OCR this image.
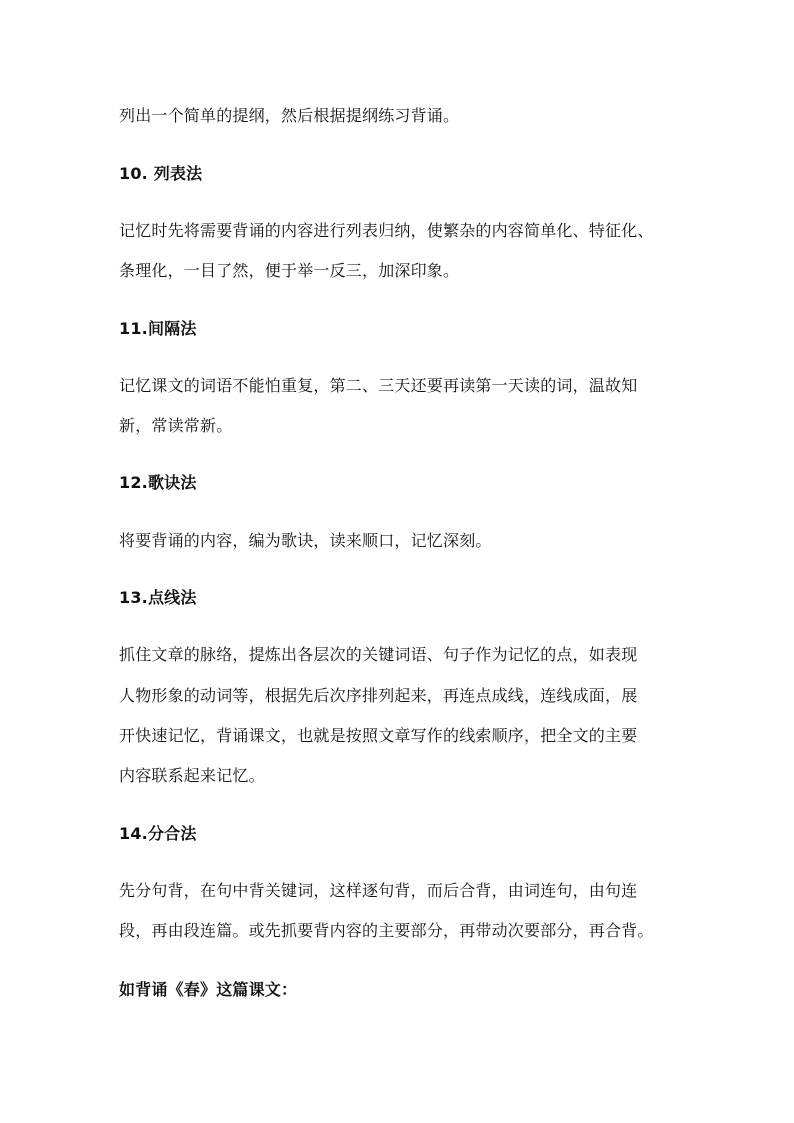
列出一个简单的提纲，然后根据提纲练习背诵。
10. 列表法
记忆时先将需要背诵的内容进行列表归纳，使繁杂的内容简单化、特征化、
条理化，一目了然，便于举一反三，加深印象。
11.间隔法
记忆课文的词语不能怕重复，第二、三天还要再读第一天读的词，温故知
新，常读常新。
12.歌诀法
将要背诵的内容，编为歌诀，读来顺口，记忆深刻。
13.点线法
抓住文章的脉络，提炼出各层次的关键词语、句子作为记忆的点，如表现
人物形象的动词等，根据先后次序排列起来，再连点成线，连线成面，展
开快速记忆，背诵课文，也就是按照文章写作的线索顺序，把全文的主要
内容联系起来记忆。
14.分合法
先分句背，在句中背关键词，这样逐句背，而后合背，由词连句，由句连
段，再由段连篇。或先抓要背内容的主要部分，再带动次要部分，再合背。
如背诵《春》这篇课文：
